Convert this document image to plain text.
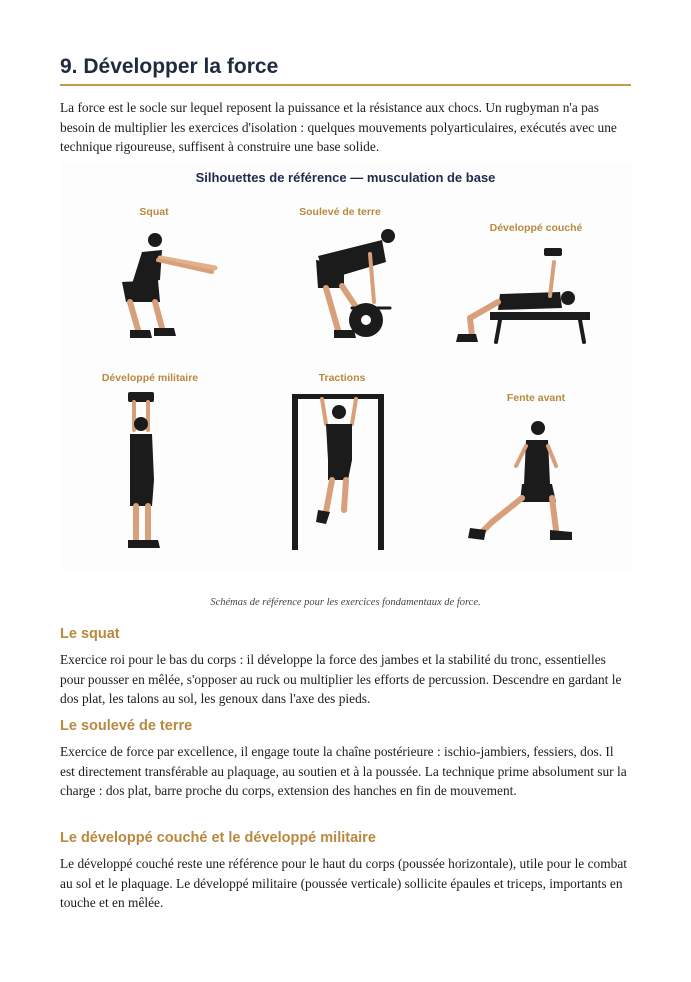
9. Développer la force

La force est le socle sur lequel reposent la puissance et la résistance aux chocs. Un rugbyman n'a pas besoin de multiplier les exercices d'isolation : quelques mouvements polyarticulaires, exécutés avec une technique rigoureuse, suffisent à construire une base solide.

Silhouettes de référence — musculation de base
Squat	Soulevé de terre
Développé couché
Développé militaire	Tractions
Fente avant
Schémas de référence pour les exercices fondamentaux de force.
Le squat

Exercice roi pour le bas du corps : il développe la force des jambes et la stabilité du tronc, essentielles pour pousser en mêlée, s'opposer au ruck ou multiplier les efforts de percussion. Descendre en gardant le dos plat, les talons au sol, les genoux dans l'axe des pieds.

Le soulevé de terre

Exercice de force par excellence, il engage toute la chaîne postérieure : ischio-jambiers, fessiers, dos. Il est directement transférable au plaquage, au soutien et à la poussée. La technique prime absolument sur la charge : dos plat, barre proche du corps, extension des hanches en fin de mouvement.

Le développé couché et le développé militaire

Le développé couché reste une référence pour le haut du corps (poussée horizontale), utile pour le combat au sol et le plaquage. Le développé militaire (poussée verticale) sollicite épaules et triceps, importants en touche et en mêlée.
